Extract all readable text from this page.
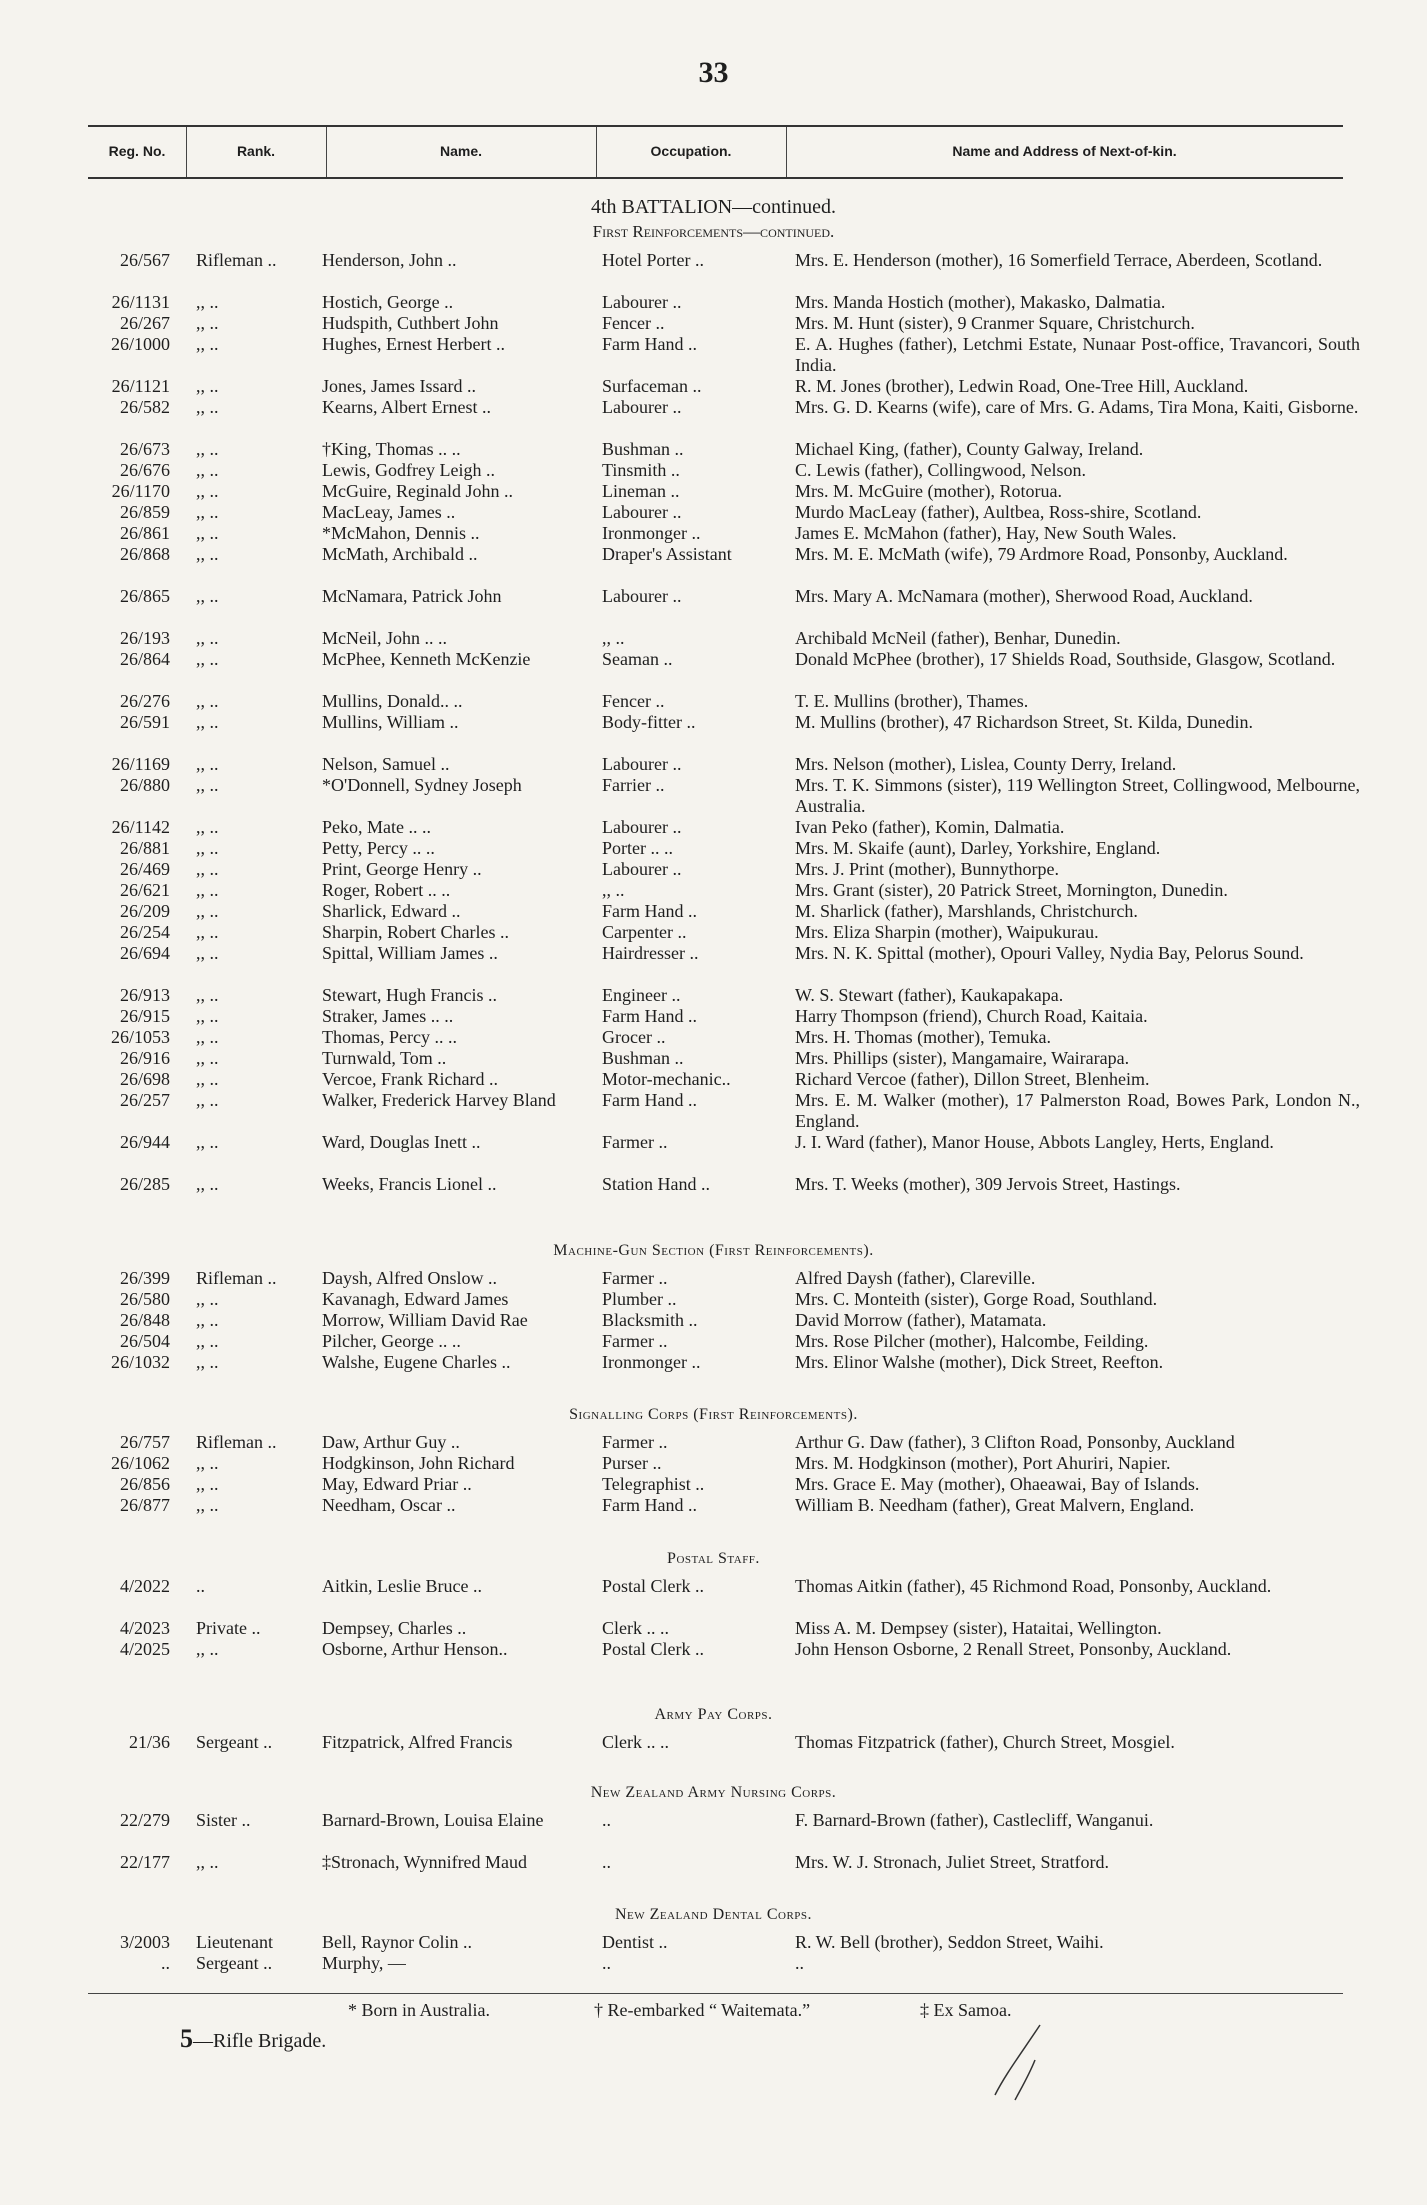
33
Reg. No.	Rank.	Name.	Occupation.	Name and Address of Next-of-kin.
4th BATTALION—continued.
First Reinforcements—continued.
26/567 Rifleman ..	Henderson, John ..	Hotel Porter ..	Mrs. E. Henderson (mother), 16 Somerfield Terrace, Aberdeen, Scotland.
26/1131 ,, ..	Hostich, George ..	Labourer ..	Mrs. Manda Hostich (mother), Makasko, Dalmatia.
26/267 ,, ..	Hudspith, Cuthbert John	Fencer ..	Mrs. M. Hunt (sister), 9 Cranmer Square, Christchurch.
26/1000 ,, ..	Hughes, Ernest Herbert ..	Farm Hand ..	E. A. Hughes (father), Letchmi Estate, Nunaar Post-office, Travancori, South India.
26/1121 ,, ..	Jones, James Issard ..	Surfaceman ..	R. M. Jones (brother), Ledwin Road, One-Tree Hill, Auckland.
26/582 ,, ..	Kearns, Albert Ernest ..	Labourer ..	Mrs. G. D. Kearns (wife), care of Mrs. G. Adams, Tira Mona, Kaiti, Gisborne.
26/673 ,, ..	†King, Thomas .. ..	Bushman ..	Michael King, (father), County Galway, Ireland.
26/676 ,, ..	Lewis, Godfrey Leigh ..	Tinsmith ..	C. Lewis (father), Collingwood, Nelson.
26/1170 ,, ..	McGuire, Reginald John ..	Lineman ..	Mrs. M. McGuire (mother), Rotorua.
26/859 ,, ..	MacLeay, James ..	Labourer ..	Murdo MacLeay (father), Aultbea, Ross-shire, Scotland.
26/861 ,, ..	*McMahon, Dennis ..	Ironmonger ..	James E. McMahon (father), Hay, New South Wales.
26/868 ,, ..	McMath, Archibald ..	Draper's Assistant	Mrs. M. E. McMath (wife), 79 Ardmore Road, Ponsonby, Auckland.
26/865 ,, ..	McNamara, Patrick John	Labourer ..	Mrs. Mary A. McNamara (mother), Sherwood Road, Auckland.
26/193 ,, ..	McNeil, John .. ..	,, ..	Archibald McNeil (father), Benhar, Dunedin.
26/864 ,, ..	McPhee, Kenneth McKenzie	Seaman ..	Donald McPhee (brother), 17 Shields Road, Southside, Glasgow, Scotland.
26/276 ,, ..	Mullins, Donald.. ..	Fencer ..	T. E. Mullins (brother), Thames.
26/591 ,, ..	Mullins, William ..	Body-fitter ..	M. Mullins (brother), 47 Richardson Street, St. Kilda, Dunedin.
26/1169 ,, ..	Nelson, Samuel ..	Labourer ..	Mrs. Nelson (mother), Lislea, County Derry, Ireland.
26/880 ,, ..	*O'Donnell, Sydney Joseph	Farrier ..	Mrs. T. K. Simmons (sister), 119 Wellington Street, Collingwood, Melbourne, Australia.
26/1142 ,, ..	Peko, Mate .. ..	Labourer ..	Ivan Peko (father), Komin, Dalmatia.
26/881 ,, ..	Petty, Percy .. ..	Porter .. ..	Mrs. M. Skaife (aunt), Darley, Yorkshire, England.
26/469 ,, ..	Print, George Henry ..	Labourer ..	Mrs. J. Print (mother), Bunnythorpe.
26/621 ,, ..	Roger, Robert .. ..	,, ..	Mrs. Grant (sister), 20 Patrick Street, Mornington, Dunedin.
26/209 ,, ..	Sharlick, Edward ..	Farm Hand ..	M. Sharlick (father), Marshlands, Christchurch.
26/254 ,, ..	Sharpin, Robert Charles ..	Carpenter ..	Mrs. Eliza Sharpin (mother), Waipukurau.
26/694 ,, ..	Spittal, William James ..	Hairdresser ..	Mrs. N. K. Spittal (mother), Opouri Valley, Nydia Bay, Pelorus Sound.
26/913 ,, ..	Stewart, Hugh Francis ..	Engineer ..	W. S. Stewart (father), Kaukapakapa.
26/915 ,, ..	Straker, James .. ..	Farm Hand ..	Harry Thompson (friend), Church Road, Kaitaia.
26/1053 ,, ..	Thomas, Percy .. ..	Grocer ..	Mrs. H. Thomas (mother), Temuka.
26/916 ,, ..	Turnwald, Tom ..	Bushman ..	Mrs. Phillips (sister), Mangamaire, Wairarapa.
26/698 ,, ..	Vercoe, Frank Richard ..	Motor-mechanic..	Richard Vercoe (father), Dillon Street, Blenheim.
26/257 ,, ..	Walker, Frederick Harvey Bland	Farm Hand ..	Mrs. E. M. Walker (mother), 17 Palmerston Road, Bowes Park, London N., England.
26/944 ,, ..	Ward, Douglas Inett ..	Farmer ..	J. I. Ward (father), Manor House, Abbots Langley, Herts, England.
26/285 ,, ..	Weeks, Francis Lionel ..	Station Hand ..	Mrs. T. Weeks (mother), 309 Jervois Street, Hastings.
Machine-Gun Section (First Reinforcements).
26/399 Rifleman ..	Daysh, Alfred Onslow ..	Farmer ..	Alfred Daysh (father), Clareville.
26/580 ,, ..	Kavanagh, Edward James	Plumber ..	Mrs. C. Monteith (sister), Gorge Road, Southland.
26/848 ,, ..	Morrow, William David Rae	Blacksmith ..	David Morrow (father), Matamata.
26/504 ,, ..	Pilcher, George .. ..	Farmer ..	Mrs. Rose Pilcher (mother), Halcombe, Feilding.
26/1032 ,, ..	Walshe, Eugene Charles ..	Ironmonger ..	Mrs. Elinor Walshe (mother), Dick Street, Reefton.
Signalling Corps (First Reinforcements).
26/757 Rifleman ..	Daw, Arthur Guy ..	Farmer ..	Arthur G. Daw (father), 3 Clifton Road, Ponsonby, Auckland
26/1062 ,, ..	Hodgkinson, John Richard	Purser ..	Mrs. M. Hodgkinson (mother), Port Ahuriri, Napier.
26/856 ,, ..	May, Edward Priar ..	Telegraphist ..	Mrs. Grace E. May (mother), Ohaeawai, Bay of Islands.
26/877 ,, ..	Needham, Oscar ..	Farm Hand ..	William B. Needham (father), Great Malvern, England.
Postal Staff.
4/2022 ..	Aitkin, Leslie Bruce ..	Postal Clerk ..	Thomas Aitkin (father), 45 Richmond Road, Ponsonby, Auckland.
4/2023 Private ..	Dempsey, Charles ..	Clerk .. ..	Miss A. M. Dempsey (sister), Hataitai, Wellington.
4/2025 ,, ..	Osborne, Arthur Henson..	Postal Clerk ..	John Henson Osborne, 2 Renall Street, Ponsonby, Auckland.
Army Pay Corps.
21/36 Sergeant ..	Fitzpatrick, Alfred Francis	Clerk .. ..	Thomas Fitzpatrick (father), Church Street, Mosgiel.
New Zealand Army Nursing Corps.
22/279 Sister ..	Barnard-Brown, Louisa Elaine	..	F. Barnard-Brown (father), Castlecliff, Wanganui.
22/177 ,, ..	‡Stronach, Wynnifred Maud	..	Mrs. W. J. Stronach, Juliet Street, Stratford.
New Zealand Dental Corps.
3/2003 Lieutenant	Bell, Raynor Colin ..	Dentist ..	R. W. Bell (brother), Seddon Street, Waihi.
.. Sergeant ..	Murphy, —	..	..
* Born in Australia.	† Re-embarked “ Waitemata.”	‡ Ex Samoa.
5—Rifle Brigade.
